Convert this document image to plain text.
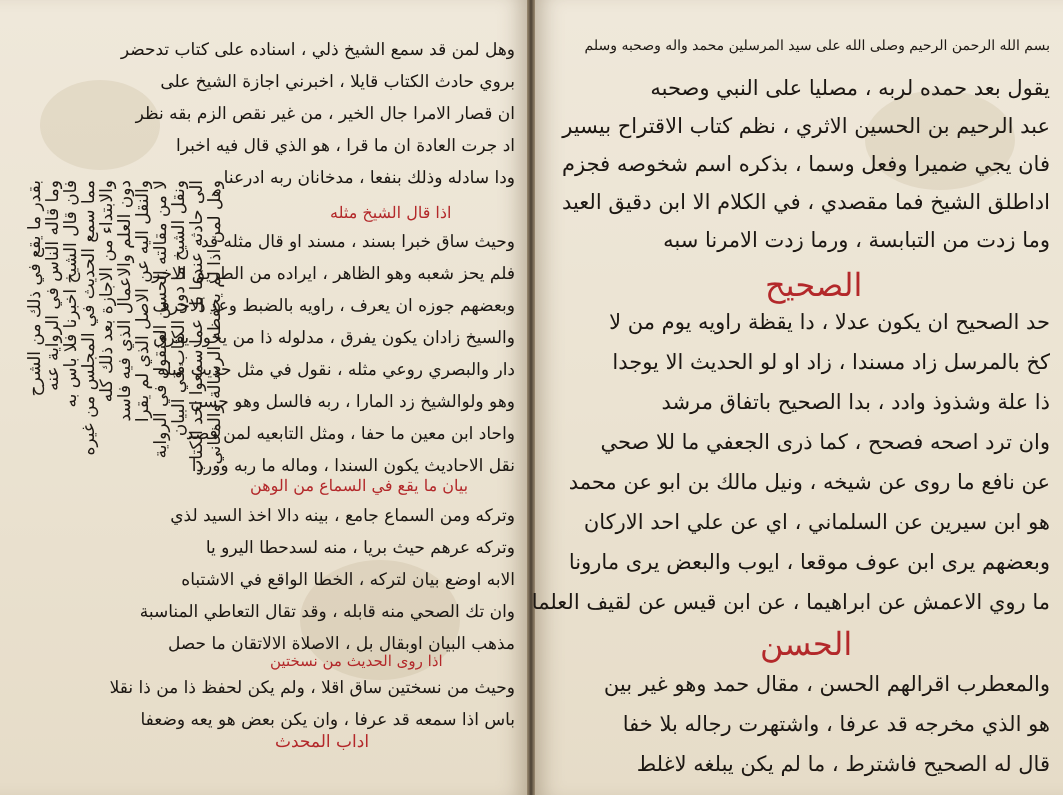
وهل لمن قد سمع الشيخ ذلي ، اسناده على كتاب تدحضر
بروي حادث الكتاب قايلا ، اخبرني اجازة الشيخ على
ان قصار الامرا جال الخير ، من غير نقص الزم بقه نظر
اد جرت العادة ان ما قرا ، هو الذي قال فيه اخبرا
ودا سادله وذلك بنفعا ، مدخانان ربه ادرعنا
اذا قال الشيخ مثله
وحيث ساق خبرا بسند ، مسند او قال مثله قد
فلم يحز شعبه وهو الظاهر ، ايراده من الطريق الاخر
وبعضهم جوزه ان يعرف ، راويه بالضبط وعد الاحرف
والسيخ زادان يكون يفرق ، مدلوله ذا من يحوز يفرق
دار والبصري روعي مثله ، نقول في مثل حديث قبله
وهو ولوالشيخ زد المارا ، ربه فالسل وهو حسن
واحاد ابن معين ما حفا ، ومثل التابعيه لمن قصد
نقل الاحاديث يكون السندا ، وماله ما ربه ووردا
بيان ما يقع في السماع من الوهن
وتركه ومن السماع جامع ، بينه دالا اخذ السيد لذي
وتركه عرهم حيث بريا ، منه لسدحطا اليرو يا
الابه اوضع بيان لتركه ، الخطا الواقع في الاشتباه
وان تك الصحي منه قابله ، وقد تقال التعاطي المناسبة
مذهب البيان اوبقال بل ، الاصلاة الالاتقان ما حصل
اذا روى الحديث من نسختين
وحيث من نسختين ساق اقلا ، ولم يكن لحفظ ذا من ذا نقلا
باس اذا سمعه قد عرفا ، وان يكن بعض هو يعه وضعفا
اداب المحدث
بقدر ما يقع في ذلك من الشرح
وما قاله الناس في الرواية عنه
فان قال الشيخ اخبرنا فلا باس به
مما سمع الحديث في المجلس من غيره
والابتداء من الاجازة بعد ذلك كله
دون العلم والاعمال الذي فيه فاسد
والنقل اليه عن الاصل الذي لم يقرا
لا من مقالته الحسن المنقول في الرواية
ونقل الشيخ ما دون الكتاب في البيان
الى حادثه عندما بل عما سمعوا احد الكتاب
وهل لمن اذا لم يحفظه الرسالة والمعاني
بسم الله الرحمن الرحيم وصلى الله على سيد المرسلين محمد واله وصحبه وسلم
يقول بعد حمده لربه ، مصليا على النبي وصحبه
عبد الرحيم بن الحسين الاثري ، نظم كتاب الاقتراح بيسير
فان يجي ضميرا وفعل وسما ، بذكره اسم شخوصه فجزم
اداطلق الشيخ فما مقصدي ، في الكلام الا ابن دقيق العيد
وما زدت من التبابسة ، ورما زدت الامرنا سبه
الصحيح
حد الصحيح ان يكون عدلا ، دا يقظة راويه يوم من لا
كخ بالمرسل زاد مسندا ، زاد او لو الحديث الا يوجدا
ذا علة وشذوذ وادد ، بدا الصحيح باتفاق مرشد
وان ترد اصحه فصحح ، كما ذرى الجعفي ما للا صحي
عن نافع ما روى عن شيخه ، ونيل مالك بن ابو عن محمد
هو ابن سيرين عن السلماني ، اي عن علي احد الاركان
وبعضهم يرى ابن عوف موقعا ، ايوب والبعض يرى مارونا
ما روي الاعمش عن ابراهيما ، عن ابن قيس عن لقيف العلما
الحسن
والمعطرب اقرالهم الحسن ، مقال حمد وهو غير بين
هو الذي مخرجه قد عرفا ، واشتهرت رجاله بلا خفا
قال له الصحيح فاشترط ، ما لم يكن يبلغه لاغلط
